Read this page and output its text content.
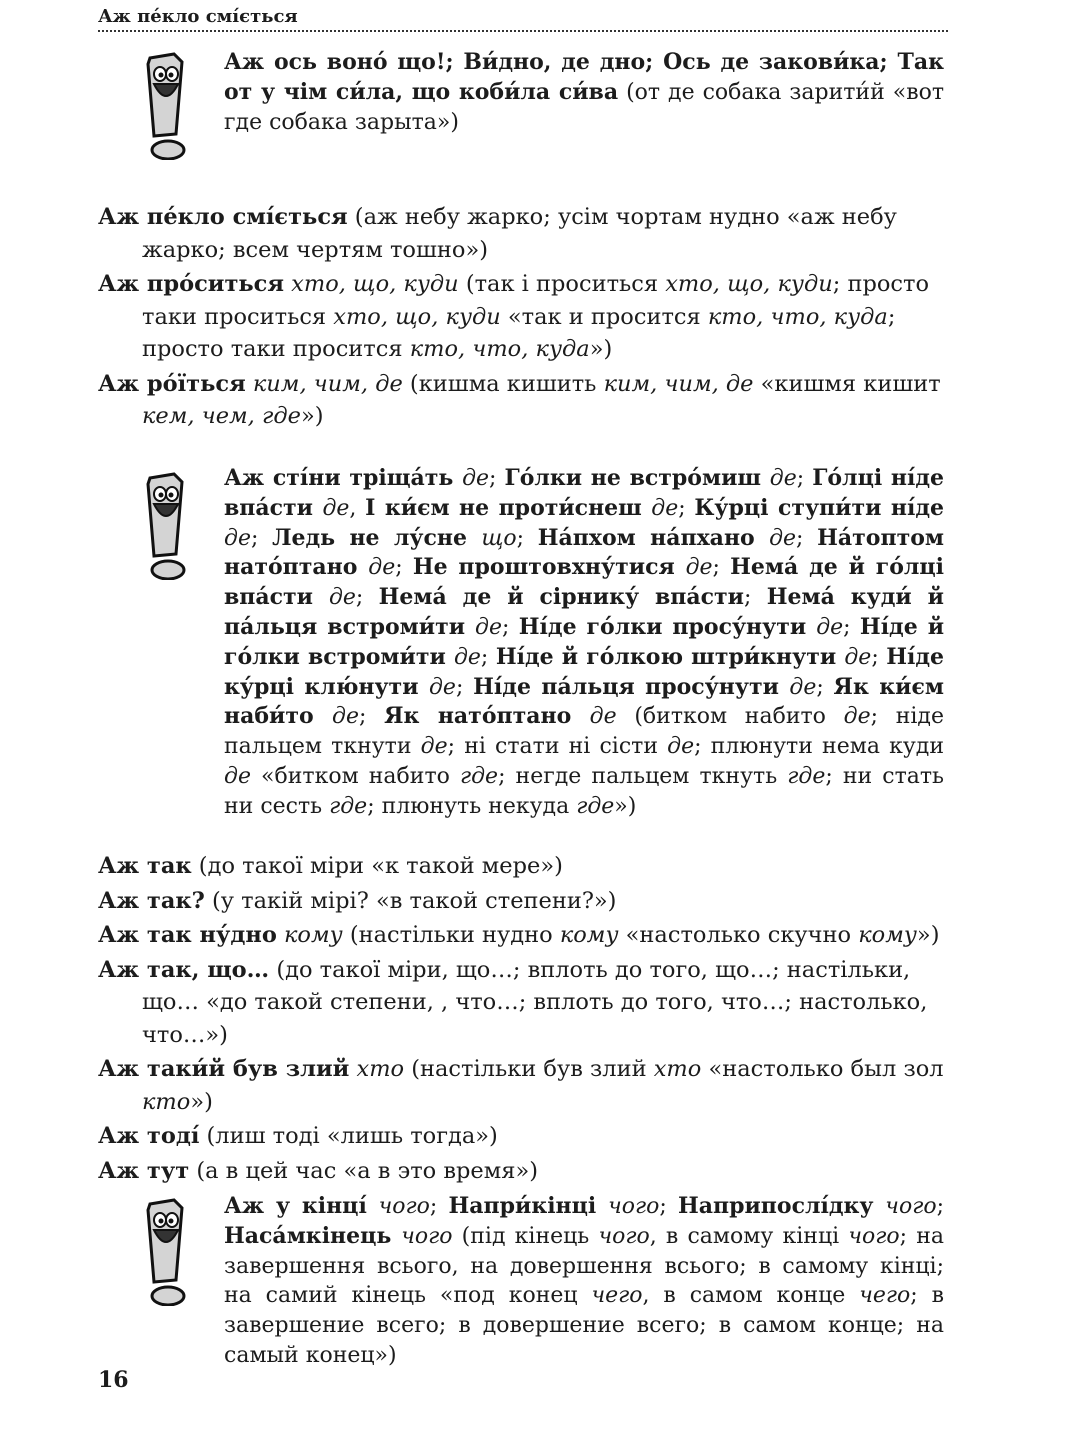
Аж пе́кло смі́ється

Аж ось воно́ що!; Ви́дно, де дно; Ось де закови́ка; Так от у чім си́ла, що коби́ла си́ва (от де собака зарити́й «вот где собака зарыта»)

Аж пе́кло смі́ється (аж небу жарко; усім чортам нудно «аж небу жарко; всем чертям тошно»)

Аж про́ситься хто, що, куди (так і проситься хто, що, куди; просто таки проситься хто, що, куди «так и просится кто, что, куда; просто таки просится кто, что, куда»)

Аж ро́їться ким, чим, де (кишма кишить ким, чим, де «кишмя кишит кем, чем, где»)

Аж сті́ни тріща́ть де; Го́лки не встро́миш де; Го́лці ні́де впа́сти де, І ки́єм не проти́снеш де; Ку́рці ступи́ти ні́де де; Ледь не лу́сне що; На́пхом на́пхано де; На́топтом нато́птано де; Не проштовхну́тися де; Нема́ де й го́лці впа́сти де; Нема́ де й сірнику́ впа́сти; Нема́ куди́ й па́льця встроми́ти де; Ні́де го́лки просу́нути де; Ні́де й го́лки встроми́ти де; Ні́де й го́лкою штри́кнути де; Ні́де ку́рці клю́нути де; Ні́де па́льця просу́нути де; Як ки́єм наби́то де; Як нато́птано де (битком набито де; ніде пальцем ткнути де; ні стати ні сісти де; плюнути нема куди де «битком набито где; негде пальцем ткнуть где; ни стать ни сесть где; плюнуть некуда где»)

Аж так (до такої міри «к такой мере»)

Аж так? (у такій мірі? «в такой степени?»)

Аж так ну́дно кому (настільки нудно кому «настолько скучно кому»)

Аж так, що… (до такої міри, що…; вплоть до того, що…; настільки, що… «до такой степени, , что…; вплоть до того, что…; настолько, что…»)

Аж таки́й був злий хто (настільки був злий хто «настолько был зол кто»)

Аж тоді́ (лиш тоді «лишь тогда»)

Аж тут (а в цей час «а в это время»)

Аж у кінці́ чого; Напри́кінці чого; Наприпослі́дку чого; Наса́мкінець чого (під кінець чого, в самому кінці чого; на завершення всього, на довершення всього; в самому кінці; на самий кінець «под конец чего, в самом конце чего; в завершение всего; в довершение всего; в самом конце; на самый конец»)

16
